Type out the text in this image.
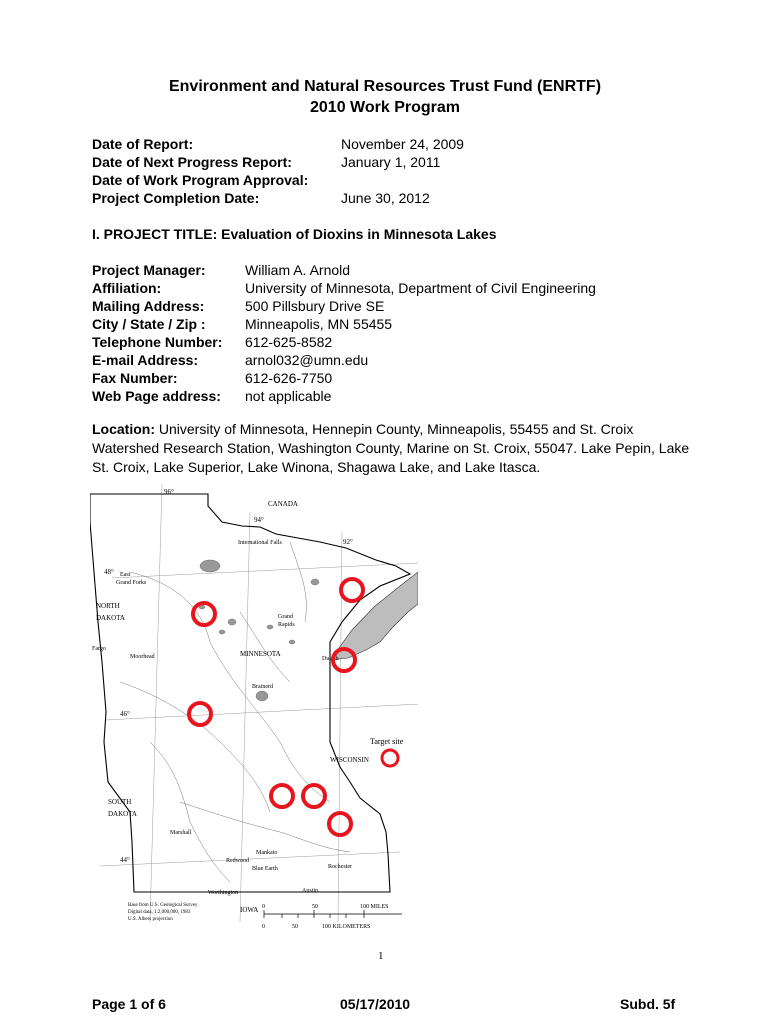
Environment and Natural Resources Trust Fund (ENRTF)
2010 Work Program
Date of Report:	November 24, 2009
Date of Next Progress Report:	January 1, 2011
Date of Work Program Approval:
Project Completion Date:	June 30, 2012
I. PROJECT TITLE: Evaluation of Dioxins in Minnesota Lakes
Project Manager:	William A. Arnold
Affiliation:	University of Minnesota, Department of Civil Engineering
Mailing Address:	500 Pillsbury Drive SE
City / State / Zip :	Minneapolis, MN 55455
Telephone Number: 612-625-8582
E-mail Address:	arnol032@umn.edu
Fax Number:	612-626-7750
Web Page address: not applicable
Location: University of Minnesota, Hennepin County, Minneapolis, 55455 and St. Croix Watershed Research Station, Washington County, Marine on St. Croix, 55047. Lake Pepin, Lake St. Croix, Lake Superior, Lake Winona, Shagawa Lake, and Lake Itasca.
CANADA
NORTH
DAKOTA
SOUTH
DAKOTA
MINNESOTA
WISCONSIN
IOWA
96°
94°
92°
48°
46°
44°
International Falls
East
Grand Forks
Grand
Rapids
Fargo
Moorhead	Duluth
Brainerd
Marshall
Redwood
Mankato
Rochester
Blue Earth
Worthington	Austin
Target site
Base from U.S. Geological Survey
Digital data, 1:2,000,000, 1983
U.S. Albers projection
0	50	100 MILES
0	50	100 KILOMETERS
1
Page 1 of 6	05/17/2010	Subd. 5f
